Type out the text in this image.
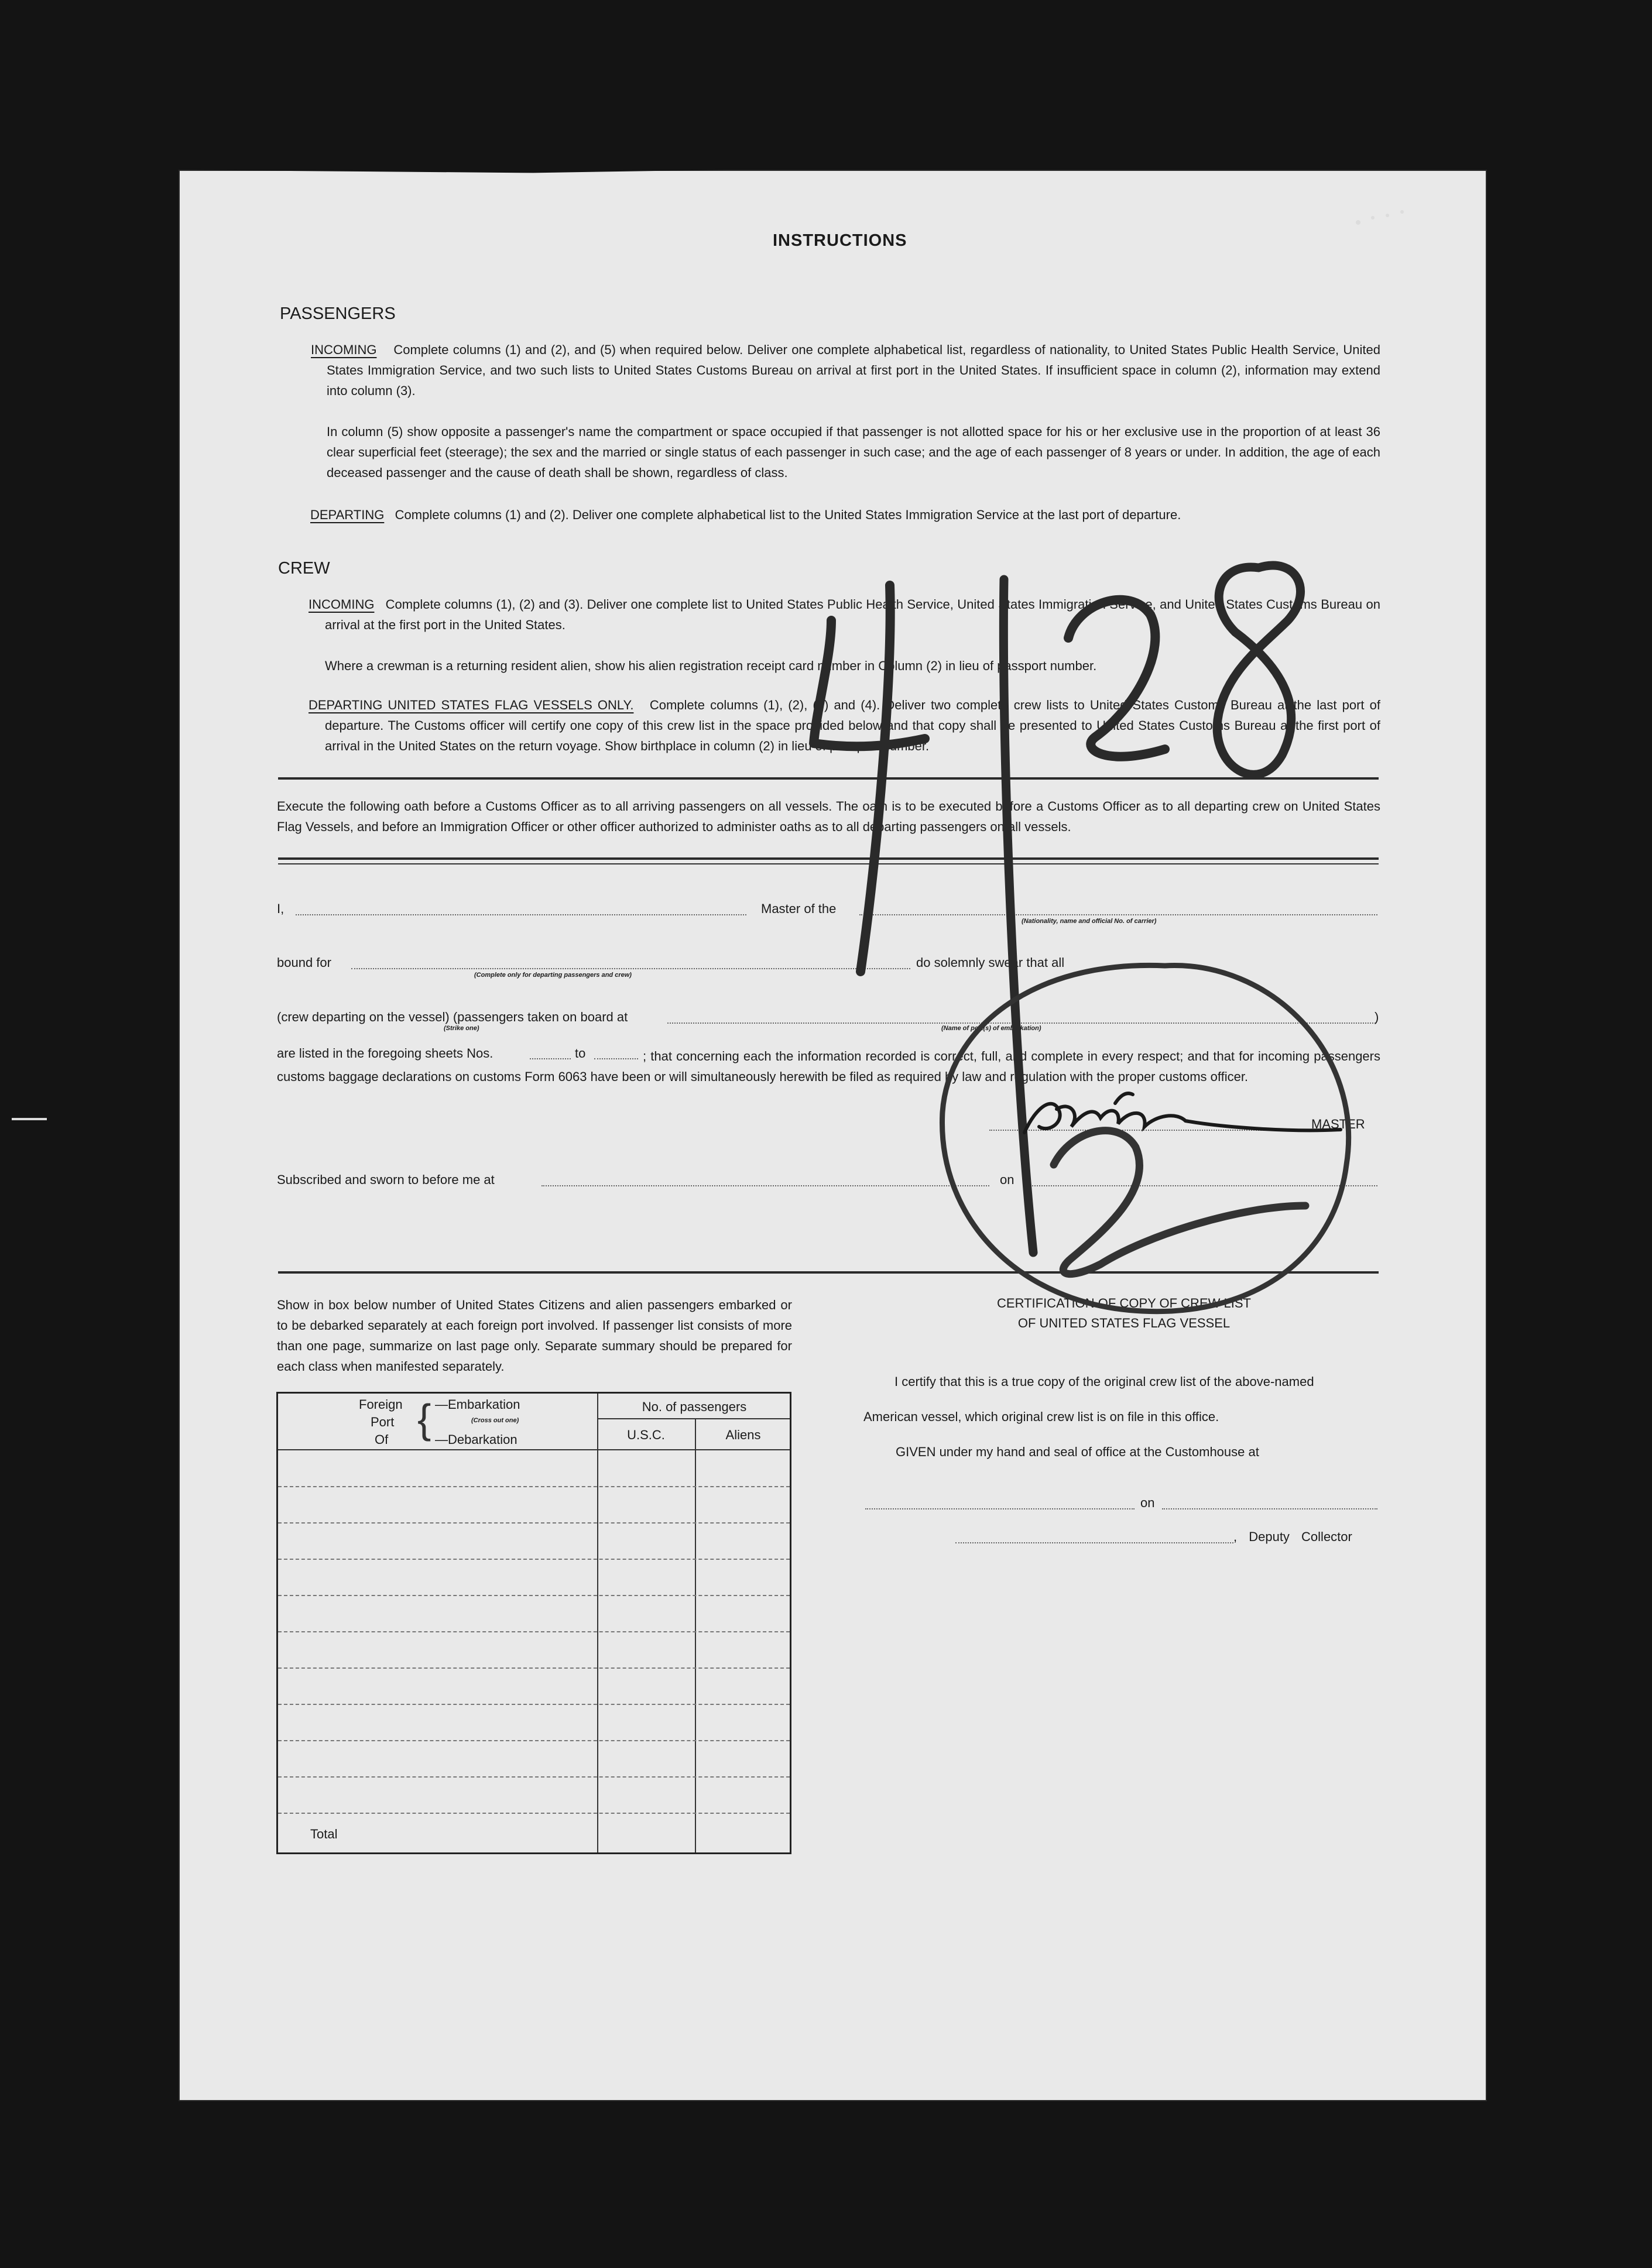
INSTRUCTIONS
PASSENGERS
INCOMING Complete columns (1) and (2), and (5) when required below. Deliver one complete alphabetical list, regardless of nationality, to United States Public Health Service, United States Immigration Service, and two such lists to United States Customs Bureau on arrival at first port in the United States. If insufficient space in column (2), information may extend into column (3).
In column (5) show opposite a passenger's name the compartment or space occupied if that passenger is not allotted space for his or her exclusive use in the proportion of at least 36 clear superficial feet (steerage); the sex and the married or single status of each passenger in such case; and the age of each passenger of 8 years or under. In addition, the age of each deceased passenger and the cause of death shall be shown, regardless of class.
DEPARTING Complete columns (1) and (2). Deliver one complete alphabetical list to the United States Immigration Service at the last port of departure.
CREW
INCOMING Complete columns (1), (2) and (3). Deliver one complete list to United States Public Health Service, United States Immigration Service, and United States Customs Bureau on arrival at the first port in the United States.
Where a crewman is a returning resident alien, show his alien registration receipt card number in Column (2) in lieu of passport number.
DEPARTING UNITED STATES FLAG VESSELS ONLY. Complete columns (1), (2), (3) and (4). Deliver two complete crew lists to United States Customs Bureau at the last port of departure. The Customs officer will certify one copy of this crew list in the space provided below and that copy shall be presented to United States Customs Bureau at the first port of arrival in the United States on the return voyage. Show birthplace in column (2) in lieu of passport number.
Execute the following oath before a Customs Officer as to all arriving passengers on all vessels. The oath is to be executed before a Customs Officer as to all departing crew on United States Flag Vessels, and before an Immigration Officer or other officer authorized to administer oaths as to all departing passengers on all vessels.
I,	Master of the
(Nationality, name and official No. of carrier)
bound for
(Complete only for departing passengers and crew)
do solemnly swear that all
(crew departing on the vessel) (passengers taken on board at	)
(Strike one)	(Name of port(s) of embarkation)
are listed in the foregoing sheets Nos.	to	; that concerning each the information recorded is correct, full, and complete in every respect; and that for incoming passengers customs baggage declarations on customs Form 6063 have been or will simultaneously herewith be filed as required by law and regulation with the proper customs officer.
MASTER
Subscribed and sworn to before me at	on
Show in box below number of United States Citizens and alien passengers embarked or to be debarked separately at each foreign port involved. If passenger list consists of more than one page, summarize on last page only. Separate summary should be prepared for each class when manifested separately.
Foreign
Port
Of { —Embarkation
(Cross out one)
—Debarkation
No. of passengers
U.S.C.	Aliens
Total
CERTIFICATION OF COPY OF CREW LIST
OF UNITED STATES FLAG VESSEL
I certify that this is a true copy of the original crew list of the above-named
American vessel, which original crew list is on file in this office.
GIVEN under my hand and seal of office at the Customhouse at
on
, Deputy Collector
